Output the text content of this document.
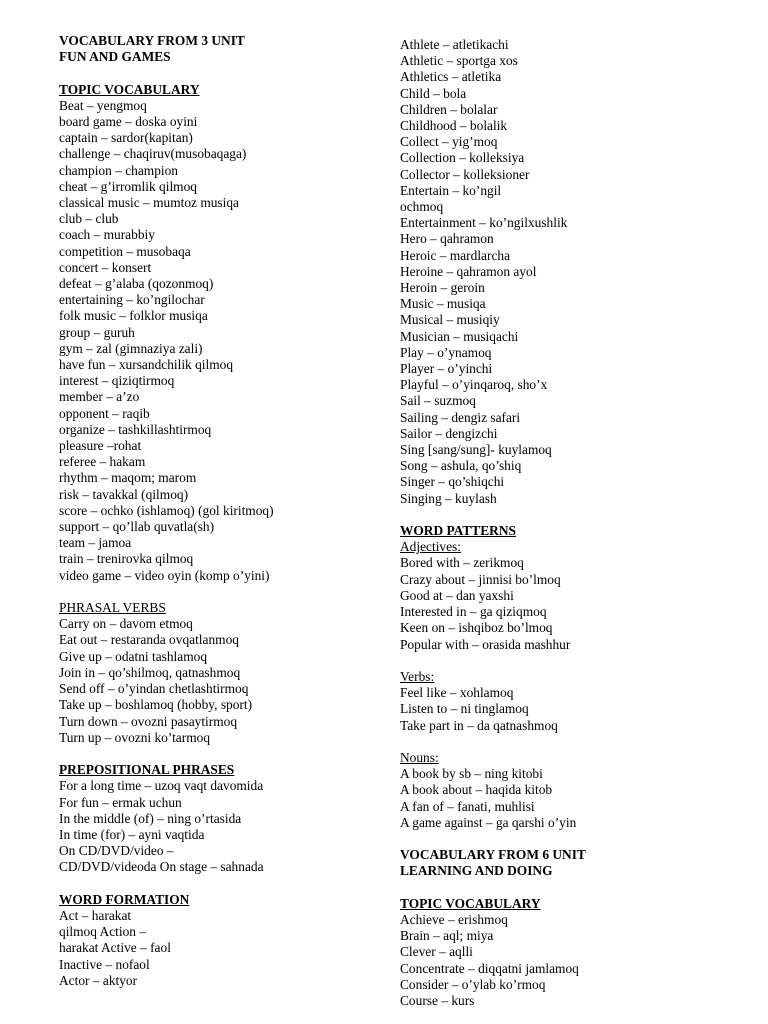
VOCABULARY FROM 3 UNIT
FUN AND GAMES
TOPIC VOCABULARY
Beat – yengmoq
board game – doska oyini
captain – sardor(kapitan)
challenge – chaqiruv(musobaqaga)
champion – champion
cheat – g’irromlik qilmoq
classical music – mumtoz musiqa
club – club
coach – murabbiy
competition – musobaqa
concert – konsert
defeat – g’alaba (qozonmoq)
entertaining – ko’ngilochar
folk music – folklor musiqa
group – guruh
gym – zal (gimnaziya zali)
have fun – xursandchilik qilmoq
interest – qiziqtirmoq
member – a’zo
opponent – raqib
organize – tashkillashtirmoq
pleasure –rohat
referee – hakam
rhythm – maqom; marom
risk – tavakkal (qilmoq)
score – ochko (ishlamoq) (gol kiritmoq)
support – qo’llab quvatla(sh)
team – jamoa
train – trenirovka qilmoq
video game – video oyin (komp o’yini)
PHRASAL VERBS
Carry on – davom etmoq
Eat out – restaranda ovqatlanmoq
Give up – odatni tashlamoq
Join in – qo’shilmoq, qatnashmoq
Send off – o’yindan chetlashtirmoq
Take up – boshlamoq (hobby, sport)
Turn down – ovozni pasaytirmoq
Turn up – ovozni ko’tarmoq
PREPOSITIONAL PHRASES
For a long time – uzoq vaqt davomida
For fun – ermak uchun
In the middle (of) – ning o’rtasida
In time (for) – ayni vaqtida
On CD/DVD/video –
CD/DVD/videoda On stage – sahnada
WORD FORMATION
Act – harakat
qilmoq Action –
harakat Active – faol
Inactive – nofaol
Actor – aktyor
Athlete – atletikachi
Athletic – sportga xos
Athletics – atletika
Child – bola
Children – bolalar
Childhood – bolalik
Collect – yig’moq
Collection – kolleksiya
Collector – kolleksioner
Entertain – ko’ngil
ochmoq
Entertainment – ko’ngilxushlik
Hero – qahramon
Heroic – mardlarcha
Heroine – qahramon ayol
Heroin – geroin
Music – musiqa
Musical – musiqiy
Musician – musiqachi
Play – o’ynamoq
Player – o’yinchi
Playful – o’yinqaroq, sho’x
Sail – suzmoq
Sailing – dengiz safari
Sailor – dengizchi
Sing [sang/sung]- kuylamoq
Song – ashula, qo’shiq
Singer – qo’shiqchi
Singing – kuylash
WORD PATTERNS
Adjectives:
Bored with – zerikmoq
Crazy about – jinnisi bo’lmoq
Good at – dan yaxshi
Interested in – ga qiziqmoq
Keen on – ishqiboz bo’lmoq
Popular with – orasida mashhur
Verbs:
Feel like – xohlamoq
Listen to – ni tinglamoq
Take part in – da qatnashmoq
Nouns:
A book by sb – ning kitobi
A book about – haqida kitob
A fan of – fanati, muhlisi
A game against – ga qarshi o’yin
VOCABULARY FROM 6 UNIT
LEARNING AND DOING
TOPIC VOCABULARY
Achieve – erishmoq
Brain – aql; miya
Clever – aqlli
Concentrate – diqqatni jamlamoq
Consider – o’ylab ko’rmoq
Course – kurs
